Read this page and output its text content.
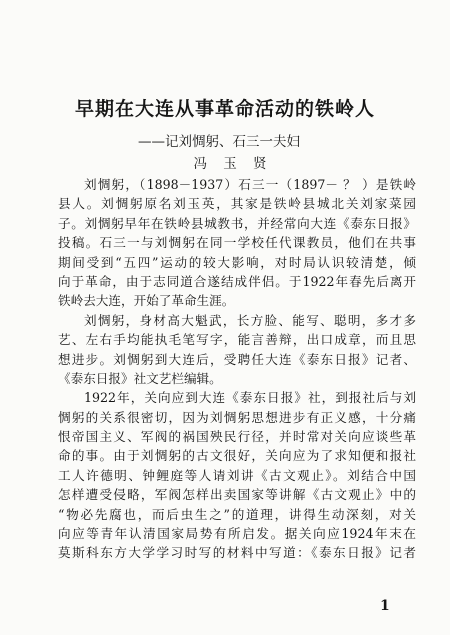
早期在大连从事革命活动的铁岭人
——记刘惆躬、石三一夫妇
冯 玉 贤
刘惆躬，（1898－1937）石三一（1897－ ？ ）是铁岭
县人。刘惆躬原名刘玉英，其家是铁岭县城北关刘家菜园
子。刘惆躬早年在铁岭县城教书，并经常向大连《泰东日报》
投稿。石三一与刘惆躬在同一学校任代课教员，他们在共事
期间受到“五四”运动的较大影响，对时局认识较清楚，倾
向于革命，由于志同道合遂结成伴侣。于1922年春先后离开
铁岭去大连，开始了革命生涯。
刘惆躬，身材高大魁武，长方脸、能写、聪明，多才多
艺、左右手均能执毛笔写字，能言善辩，出口成章，而且思
想进步。刘惆躬到大连后，受聘任大连《泰东日报》记者、
《泰东日报》社文艺栏编辑。
1922年，关向应到大连《泰东日报》社，到报社后与刘
惆躬的关系很密切，因为刘惆躬思想进步有正义感，十分痛
恨帝国主义、军阀的祸国殃民行径，并时常对关向应谈些革
命的事。由于刘惆躬的古文很好，关向应为了求知便和报社
工人许德明、钟鲤庭等人请刘讲《古文观止》。刘结合中国
怎样遭受侵略，军阀怎样出卖国家等讲解《古文观止》中的
“物必先腐也，而后虫生之”的道理，讲得生动深刻，对关
向应等青年认清国家局势有所启发。据关向应1924年末在
莫斯科东方大学学习时写的材料中写道：《泰东日报》记者
1
